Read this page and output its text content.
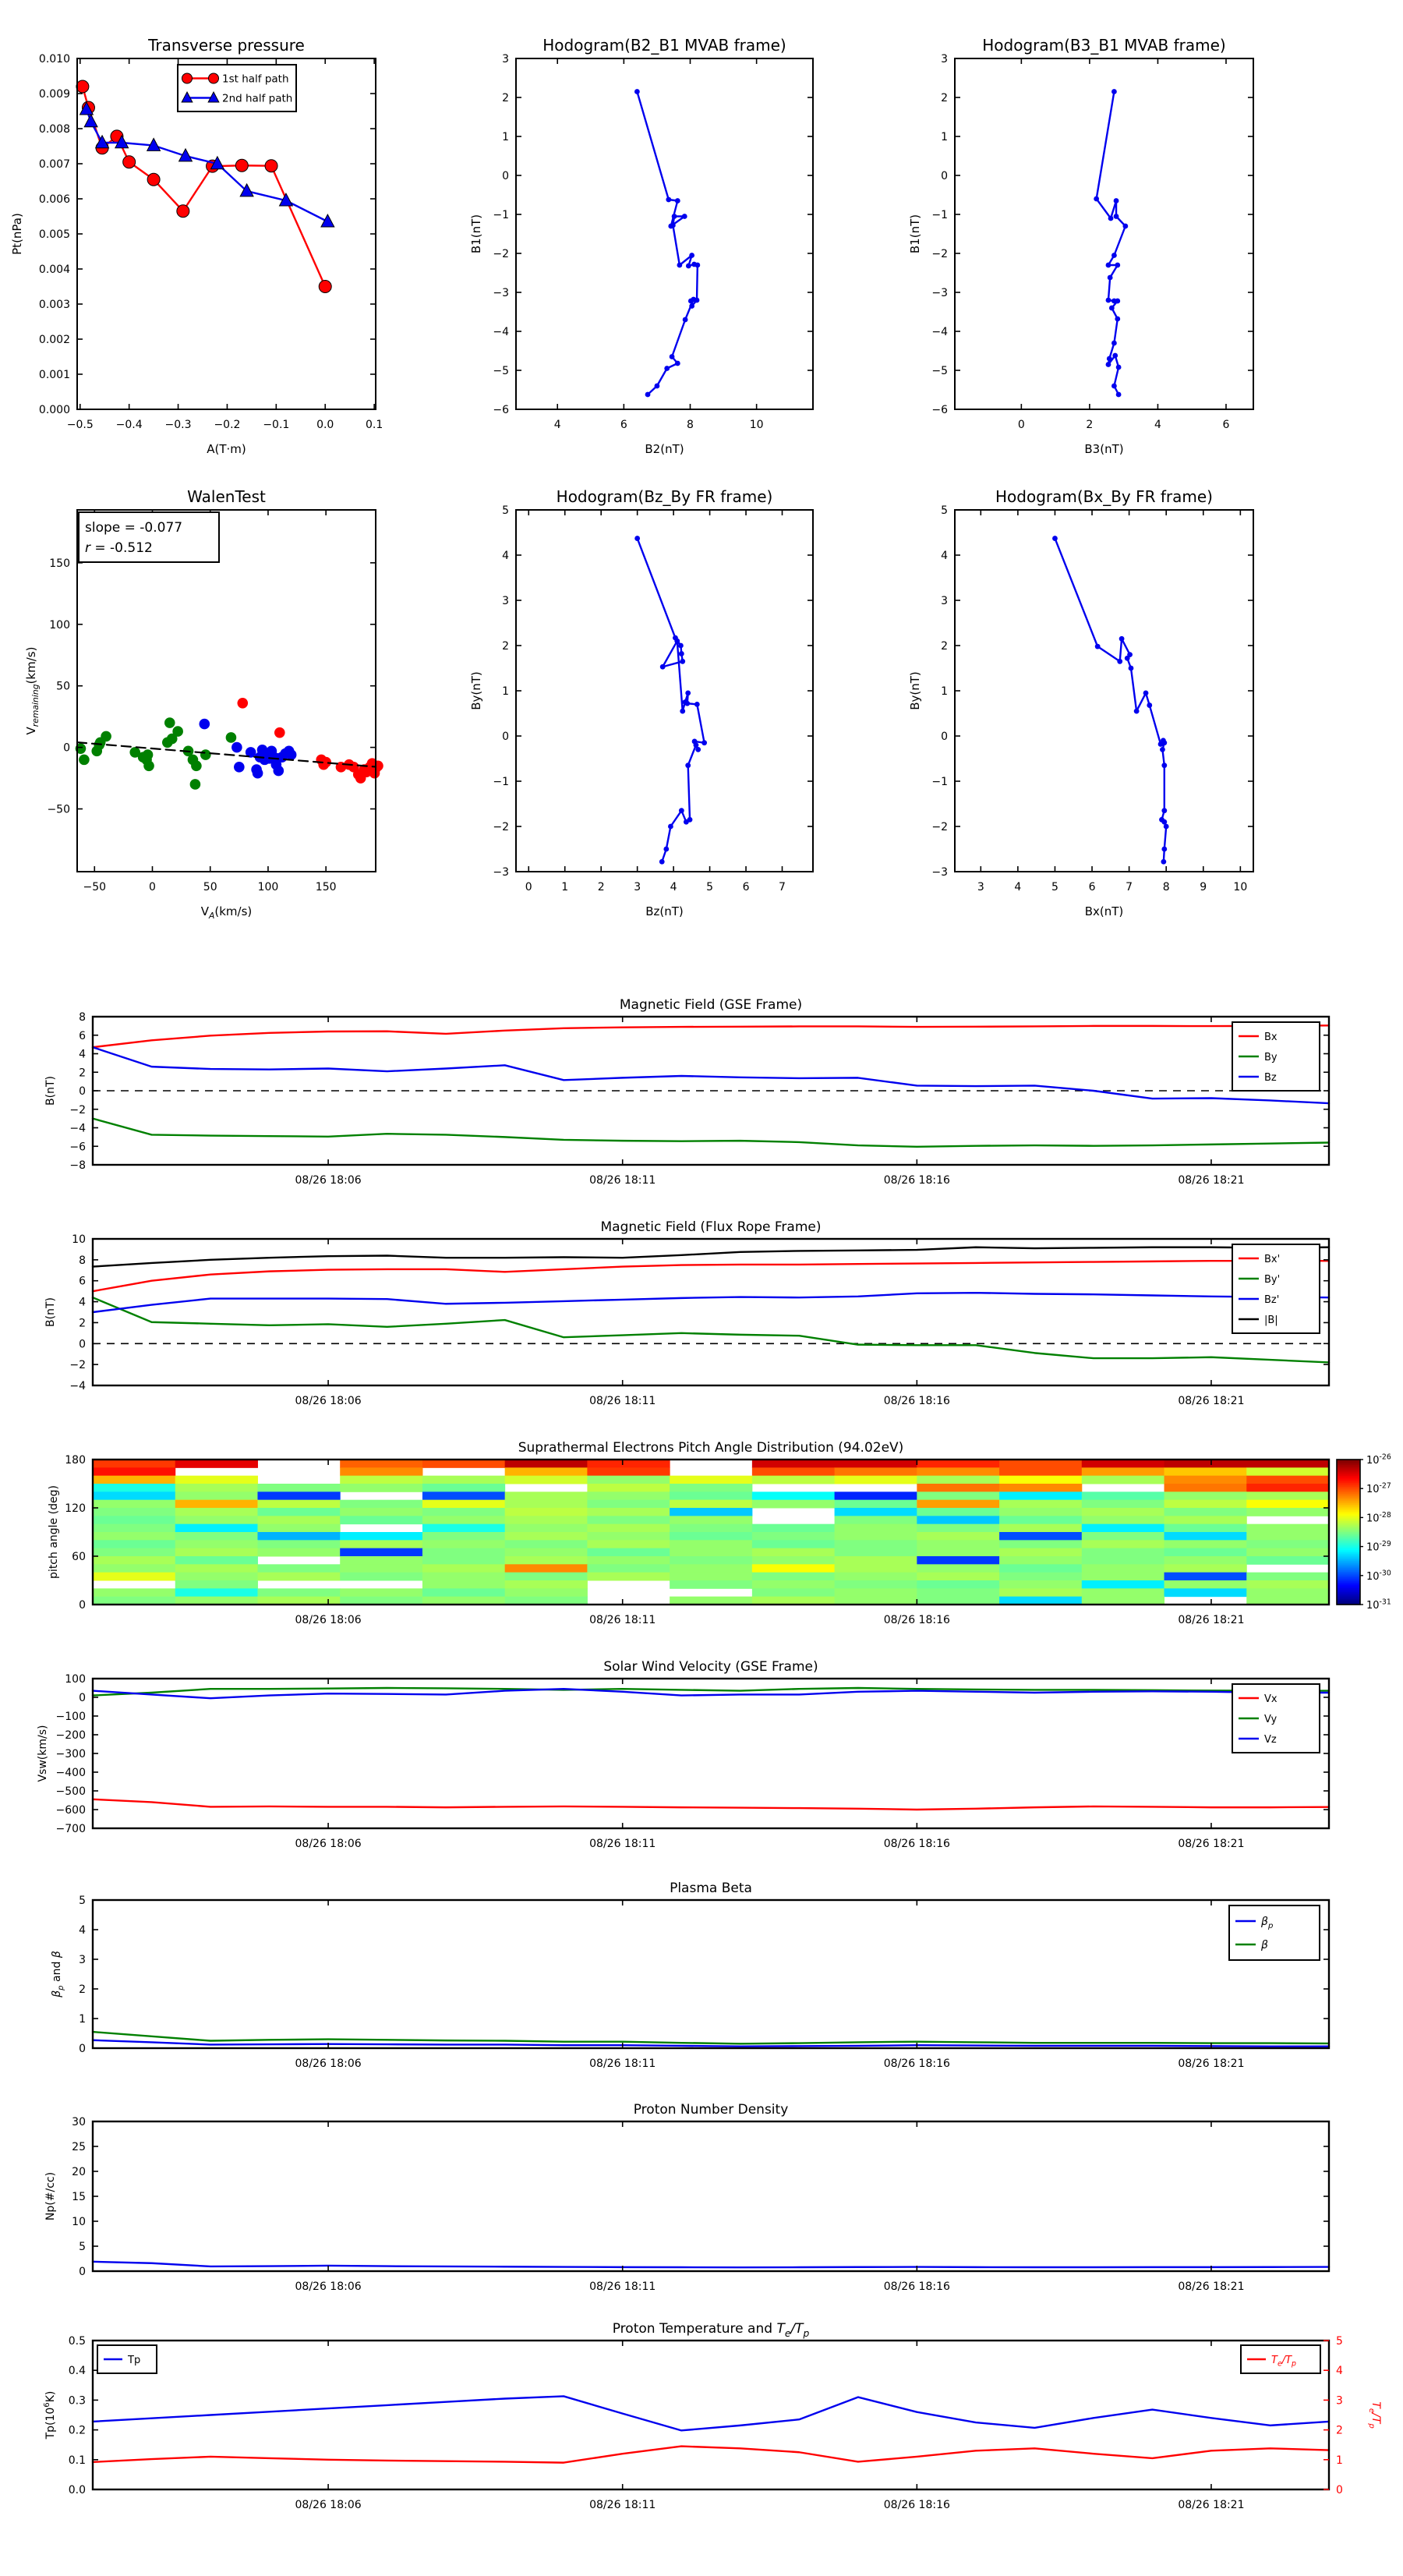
−0.5 −0.4 −0.3 −0.2 −0.1 0.0	0.1
0.000
0.001
0.002
0.003
0.004
0.005
0.006
0.007
0.008
0.009
0.010
Transverse pressure
A(T·m)
Pt(nPa)
1st half path
2nd half path
4	6	8	10
−6
−5
−4
−3
−2
−1
0
1
2
3
Hodogram(B2_B1 MVAB frame)
B2(nT)
B1(nT)
0	2	4	6
−6
−5
−4
−3
−2
−1
0
1
2
3
Hodogram(B3_B1 MVAB frame)
B3(nT)
B1(nT)
−50	0	50	100	150
−50
0
50
100
150
WalenTest
$V_A(km/s)$
$V_{remaining}(km/s)$
slope = -0.077
r = -0.512
0	1	2	3	4	5	6	7
−3
−2
−1
0
1
2
3
4
5
Hodogram(Bz_By FR frame)
Bz(nT)
By(nT)
3	4	5	6	7	8	9 10
−3
−2
−1
0
1
2
3
4
5
Hodogram(Bx_By FR frame)
Bx(nT)
By(nT)
08/26 18:06	08/26 18:11	08/26 18:16	08/26 18:21
−8
−6
−4
−2
0
2
4
6
8
Magnetic Field (GSE Frame)
B(nT)
Bx
By
Bz
08/26 18:06	08/26 18:11	08/26 18:16	08/26 18:21
−4
−2
0
2
4
6
8
10
Magnetic Field (Flux Rope Frame)
B(nT)
Bx'
By'
Bz'
|B|
08/26 18:06	08/26 18:11	08/26 18:16	08/26 18:21
0
60
120
180
Suprathermal Electrons Pitch Angle Distribution (94.02eV)
pitch angle (deg)
$10^{-26}$
$10^{-27}$
$10^{-28}$
$10^{-29}$
$10^{-30}$
$10^{-31}$
08/26 18:06	08/26 18:11	08/26 18:16	08/26 18:21
−700
−600
−500
−400
−300
−200
−100
0
100
Solar Wind Velocity (GSE Frame)
Vsw(km/s)
Vx
Vy
Vz
08/26 18:06	08/26 18:11	08/26 18:16	08/26 18:21
0
1
2
3
4
5
Plasma Beta
$\beta_p$ and β
$\beta_p$
β
08/26 18:06	08/26 18:11	08/26 18:16	08/26 18:21
0
5
10
15
20
25
30
Proton Number Density
Np(#/cc)
08/26 18:06	08/26 18:11	08/26 18:16	08/26 18:21
0.0
0.1
0.2
0.3
0.4
0.5
0
1
2
3
4
5
$T_e/T_p$
Proton Temperature and $T_e/T_p$
$Tp(10^6K)$
Tp	$T_e/T_p$
